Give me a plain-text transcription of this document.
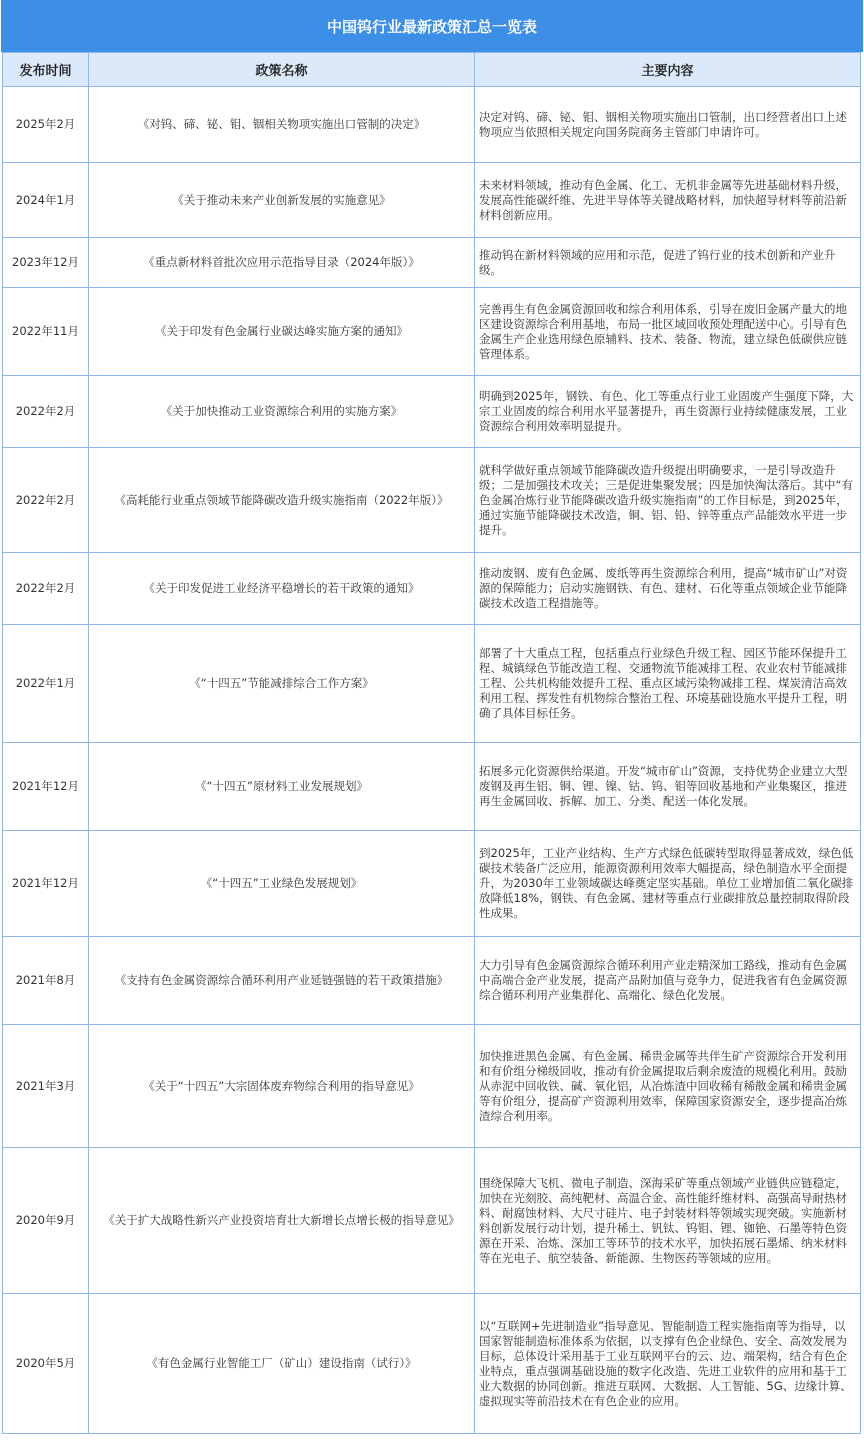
中国钨行业最新政策汇总一览表
发布时间	政策名称	主要内容
2025年2月	《对钨、碲、铋、钼、铟相关物项实施出口管制的决定》	决定对钨、碲、铋、钼、铟相关物项实施出口管制，出口经营者出口上述物项应当依照相关规定向国务院商务主管部门申请许可。
2024年1月	《关于推动未来产业创新发展的实施意见》	未来材料领域，推动有色金属、化工、无机非金属等先进基础材料升级，发展高性能碳纤维、先进半导体等关键战略材料，加快超导材料等前沿新材料创新应用。
2023年12月	《重点新材料首批次应用示范指导目录（2024年版）》	推动钨在新材料领域的应用和示范，促进了钨行业的技术创新和产业升级。
2022年11月	《关于印发有色金属行业碳达峰实施方案的通知》	完善再生有色金属资源回收和综合利用体系，引导在废旧金属产量大的地区建设资源综合利用基地，布局一批区域回收预处理配送中心。引导有色金属生产企业选用绿色原辅料、技术、装备、物流，建立绿色低碳供应链管理体系。
2022年2月	《关于加快推动工业资源综合利用的实施方案》	明确到2025年，钢铁、有色、化工等重点行业工业固废产生强度下降，大宗工业固废的综合利用水平显著提升，再生资源行业持续健康发展，工业资源综合利用效率明显提升。
2022年2月	《高耗能行业重点领域节能降碳改造升级实施指南（2022年版）》	就科学做好重点领域节能降碳改造升级提出明确要求，一是引导改造升级；二是加强技术攻关；三是促进集聚发展；四是加快淘汰落后。其中“有色金属冶炼行业节能降碳改造升级实施指南”的工作目标是，到2025年，通过实施节能降碳技术改造，铜、铝、铅、锌等重点产品能效水平进一步提升。
2022年2月	《关于印发促进工业经济平稳增长的若干政策的通知》	推动废钢、废有色金属、废纸等再生资源综合利用，提高“城市矿山”对资源的保障能力；启动实施钢铁、有色、建材、石化等重点领域企业节能降碳技术改造工程措施等。
2022年1月	《“十四五”节能减排综合工作方案》	部署了十大重点工程，包括重点行业绿色升级工程、园区节能环保提升工程、城镇绿色节能改造工程、交通物流节能减排工程、农业农村节能减排工程、公共机构能效提升工程、重点区域污染物减排工程、煤炭清洁高效利用工程、挥发性有机物综合整治工程、环境基础设施水平提升工程，明确了具体目标任务。
2021年12月	《“十四五”原材料工业发展规划》	拓展多元化资源供给渠道。开发“城市矿山”资源，支持优势企业建立大型废钢及再生铝、铜、锂、镍、钴、钨、钼等回收基地和产业集聚区，推进再生金属回收、拆解、加工、分类、配送一体化发展。
2021年12月	《“十四五”工业绿色发展规划》	到2025年，工业产业结构、生产方式绿色低碳转型取得显著成效，绿色低碳技术装备广泛应用，能源资源利用效率大幅提高，绿色制造水平全面提升，为2030年工业领域碳达峰奠定坚实基础。单位工业增加值二氧化碳排放降低18%，钢铁、有色金属、建材等重点行业碳排放总量控制取得阶段性成果。
2021年8月	《支持有色金属资源综合循环利用产业延链强链的若干政策措施》	大力引导有色金属资源综合循环利用产业走精深加工路线，推动有色金属中高端合金产业发展，提高产品附加值与竞争力，促进我省有色金属资源综合循环利用产业集群化、高端化、绿色化发展。
2021年3月	《关于“十四五”大宗固体废弃物综合利用的指导意见》	加快推进黑色金属、有色金属、稀贵金属等共伴生矿产资源综合开发利用和有价组分梯级回收，推动有价金属提取后剩余废渣的规模化利用。鼓励从赤泥中回收铁、碱、氧化铝，从冶炼渣中回收稀有稀散金属和稀贵金属等有价组分，提高矿产资源利用效率，保障国家资源安全，逐步提高冶炼渣综合利用率。
2020年9月	《关于扩大战略性新兴产业投资培育壮大新增长点增长极的指导意见》	围绕保障大飞机、微电子制造、深海采矿等重点领域产业链供应链稳定，加快在光刻胶、高纯靶材、高温合金、高性能纤维材料、高强高导耐热材料、耐腐蚀材料、大尺寸硅片、电子封装材料等领域实现突破。实施新材料创新发展行动计划，提升稀土、钒钛、钨钼、锂、铷铯、石墨等特色资源在开采、冶炼、深加工等环节的技术水平，加快拓展石墨烯、纳米材料等在光电子、航空装备、新能源、生物医药等领域的应用。
2020年5月	《有色金属行业智能工厂（矿山）建设指南（试行）》	以“互联网+先进制造业”指导意见、智能制造工程实施指南等为指导，以国家智能制造标准体系为依据，以支撑有色企业绿色、安全、高效发展为目标，总体设计采用基于工业互联网平台的云、边、端架构，结合有色企业特点，重点强调基础设施的数字化改造、先进工业软件的应用和基于工业大数据的协同创新。推进互联网、大数据、人工智能、5G、边缘计算、虚拟现实等前沿技术在有色企业的应用。
